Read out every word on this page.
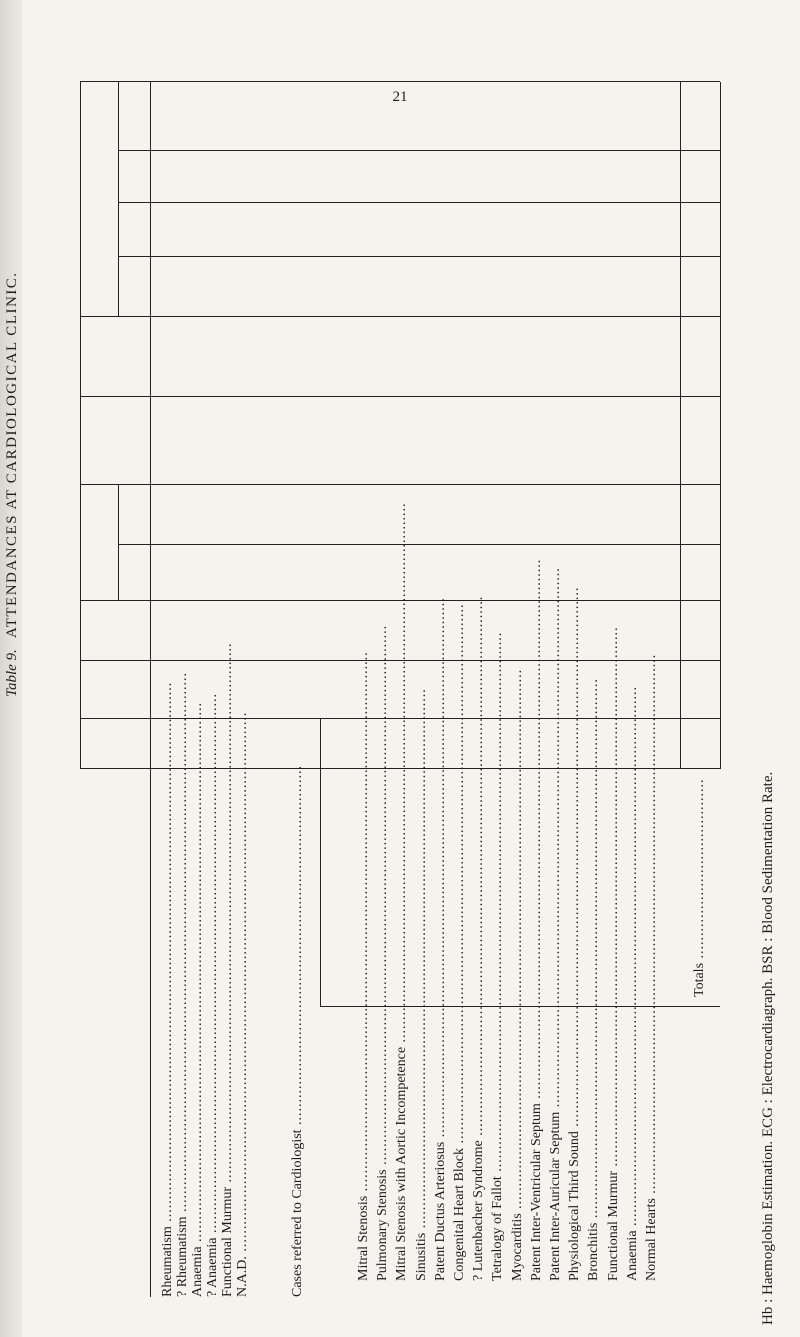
21
Table 9.   ATTENDANCES AT CARDIOLOGICAL CLINIC.
Rheumatism ........................................................................................................................
? Rheumatism ........................................................................................................................
Anaemia ........................................................................................................................
? Anaemia ........................................................................................................................
Functional Murmur ........................................................................................................................
N.A.D. ........................................................................................................................	Cases referred to Cardiologist ................................................................................
Mitral Stenosis ........................................................................................................................
Pulmonary Stenosis ........................................................................................................................ Mitral Stenosis with Aortic Incompetence ........................................................................................................................
Sinusitis ........................................................................................................................ Patent Ductus Arteriosus ........................................................................................................................
Congenital Heart Block ........................................................................................................................
? Lutenbacher Syndrome ........................................................................................................................
Tetralogy of Fallot ........................................................................................................................
Myocarditis ........................................................................................................................ Patent Inter-Ventricular Septum ........................................................................................................................
Patent Inter-Auricular Septum ........................................................................................................................
Physiological Third Sound ........................................................................................................................
Bronchitis ........................................................................................................................
Functional Murmur ........................................................................................................................
Anaemia ........................................................................................................................
Normal Hearts ........................................................................................................................ Totals ........................................	Hb : Haemoglobin Estimation. ECG : Electrocardiagraph. BSR : Blood Sedimentation Rate.
